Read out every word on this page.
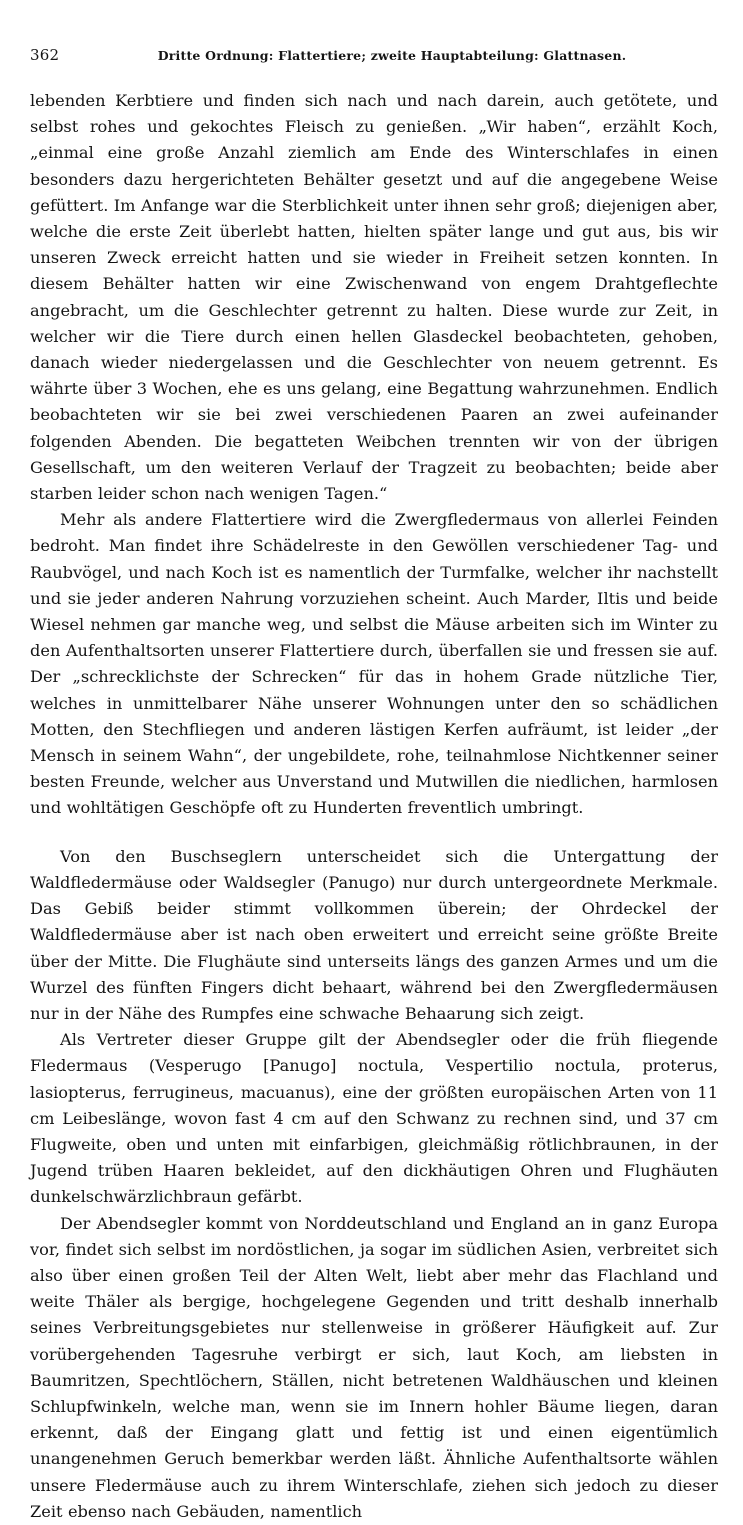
362	Dritte Ordnung: Flattertiere; zweite Hauptabteilung: Glattnasen.

lebenden Kerbtiere und finden sich nach und nach darein, auch getötete, und selbst rohes und gekochtes Fleisch zu genießen. „Wir haben“, erzählt Koch, „einmal eine große Anzahl ziemlich am Ende des Winterschlafes in einen besonders dazu hergerichteten Behälter gesetzt und auf die angegebene Weise gefüttert. Im Anfange war die Sterblichkeit unter ihnen sehr groß; diejenigen aber, welche die erste Zeit überlebt hatten, hielten später lange und gut aus, bis wir unseren Zweck erreicht hatten und sie wieder in Freiheit setzen konnten. In diesem Behälter hatten wir eine Zwischenwand von engem Drahtgeflechte angebracht, um die Geschlechter getrennt zu halten. Diese wurde zur Zeit, in welcher wir die Tiere durch einen hellen Glasdeckel beobachteten, gehoben, danach wieder niedergelassen und die Geschlechter von neuem getrennt. Es währte über 3 Wochen, ehe es uns gelang, eine Begattung wahrzunehmen. Endlich beobachteten wir sie bei zwei verschiedenen Paaren an zwei aufeinander folgenden Abenden. Die begatteten Weibchen trennten wir von der übrigen Gesellschaft, um den weiteren Verlauf der Tragzeit zu beobachten; beide aber starben leider schon nach wenigen Tagen.“

Mehr als andere Flattertiere wird die Zwergfledermaus von allerlei Feinden bedroht. Man findet ihre Schädelreste in den Gewöllen verschiedener Tag- und Raubvögel, und nach Koch ist es namentlich der Turmfalke, welcher ihr nachstellt und sie jeder anderen Nahrung vorzuziehen scheint. Auch Marder, Iltis und beide Wiesel nehmen gar manche weg, und selbst die Mäuse arbeiten sich im Winter zu den Aufenthaltsorten unserer Flattertiere durch, überfallen sie und fressen sie auf. Der „schrecklichste der Schrecken“ für das in hohem Grade nützliche Tier, welches in unmittelbarer Nähe unserer Wohnungen unter den so schädlichen Motten, den Stechfliegen und anderen lästigen Kerfen aufräumt, ist leider „der Mensch in seinem Wahn“, der ungebildete, rohe, teilnahmlose Nichtkenner seiner besten Freunde, welcher aus Unverstand und Mutwillen die niedlichen, harmlosen und wohltätigen Geschöpfe oft zu Hunderten freventlich umbringt.

Von den Buschseglern unterscheidet sich die Untergattung der Waldfledermäuse oder Waldsegler (Panugo) nur durch untergeordnete Merkmale. Das Gebiß beider stimmt vollkommen überein; der Ohrdeckel der Waldfledermäuse aber ist nach oben erweitert und erreicht seine größte Breite über der Mitte. Die Flughäute sind unterseits längs des ganzen Armes und um die Wurzel des fünften Fingers dicht behaart, während bei den Zwergfledermäusen nur in der Nähe des Rumpfes eine schwache Behaarung sich zeigt.

Als Vertreter dieser Gruppe gilt der Abendsegler oder die früh fliegende Fledermaus (Vesperugo [Panugo] noctula, Vespertilio noctula, proterus, lasiopterus, ferrugineus, macuanus), eine der größten europäischen Arten von 11 cm Leibeslänge, wovon fast 4 cm auf den Schwanz zu rechnen sind, und 37 cm Flugweite, oben und unten mit einfarbigen, gleichmäßig rötlichbraunen, in der Jugend trüben Haaren bekleidet, auf den dickhäutigen Ohren und Flughäuten dunkelschwärzlichbraun gefärbt.

Der Abendsegler kommt von Norddeutschland und England an in ganz Europa vor, findet sich selbst im nordöstlichen, ja sogar im südlichen Asien, verbreitet sich also über einen großen Teil der Alten Welt, liebt aber mehr das Flachland und weite Thäler als bergige, hochgelegene Gegenden und tritt deshalb innerhalb seines Verbreitungsgebietes nur stellenweise in größerer Häufigkeit auf. Zur vorübergehenden Tagesruhe verbirgt er sich, laut Koch, am liebsten in Baumritzen, Spechtlöchern, Ställen, nicht betretenen Waldhäuschen und kleinen Schlupfwinkeln, welche man, wenn sie im Innern hohler Bäume liegen, daran erkennt, daß der Eingang glatt und fettig ist und einen eigentümlich unangenehmen Geruch bemerkbar werden läßt. Ähnliche Aufenthaltsorte wählen unsere Fledermäuse auch zu ihrem Winterschlafe, ziehen sich jedoch zu dieser Zeit ebenso nach Gebäuden, namentlich
